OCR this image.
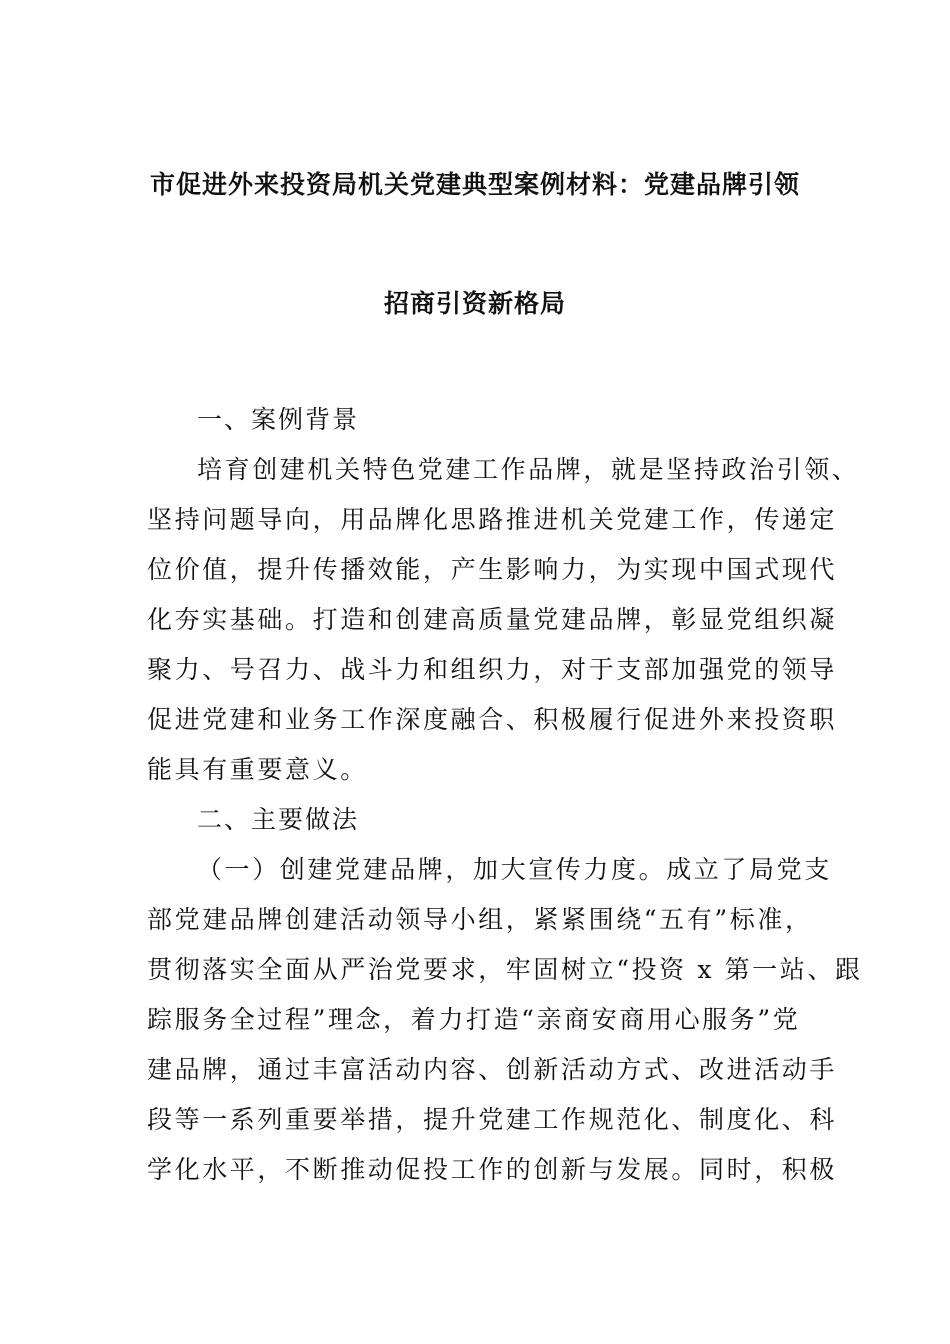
市促进外来投资局机关党建典型案例材料：党建品牌引领
招商引资新格局
一、案例背景
培育创建机关特色党建工作品牌，就是坚持政治引领、
坚持问题导向，用品牌化思路推进机关党建工作，传递定
位价值，提升传播效能，产生影响力，为实现中国式现代
化夯实基础。打造和创建高质量党建品牌，彰显党组织凝
聚力、号召力、战斗力和组织力，对于支部加强党的领导
促进党建和业务工作深度融合、积极履行促进外来投资职
能具有重要意义。
二、主要做法
（一）创建党建品牌，加大宣传力度。成立了局党支
部党建品牌创建活动领导小组，紧紧围绕“五有”标准，
贯彻落实全面从严治党要求，牢固树立“投资 x 第一站、跟
踪服务全过程”理念，着力打造“亲商安商用心服务”党
建品牌，通过丰富活动内容、创新活动方式、改进活动手
段等一系列重要举措，提升党建工作规范化、制度化、科
学化水平，不断推动促投工作的创新与发展。同时，积极
